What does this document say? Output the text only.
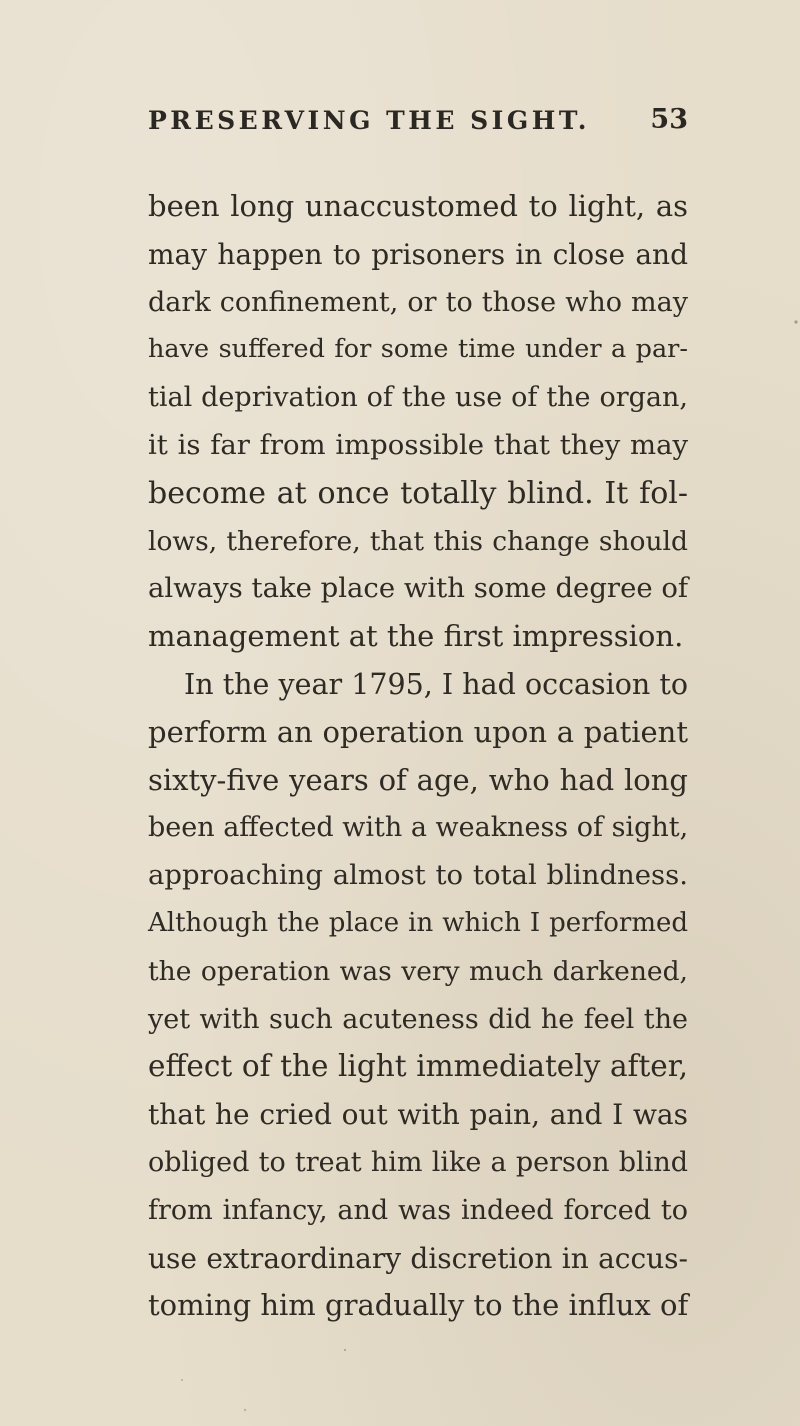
PRESERVING THE SIGHT. 53
been long unaccustomed to light, as
may happen to prisoners in close and
dark confinement, or to those who may
have suffered for some time under a par-
tial deprivation of the use of the organ,
it is far from impossible that they may
become at once totally blind. It fol-
lows, therefore, that this change should
always take place with some degree of
management at the first impression.
In the year 1795, I had occasion to
perform an operation upon a patient
sixty-five years of age, who had long
been affected with a weakness of sight,
approaching almost to total blindness.
Although the place in which I performed
the operation was very much darkened,
yet with such acuteness did he feel the
effect of the light immediately after,
that he cried out with pain, and I was
obliged to treat him like a person blind
from infancy, and was indeed forced to
use extraordinary discretion in accus-
toming him gradually to the influx of
